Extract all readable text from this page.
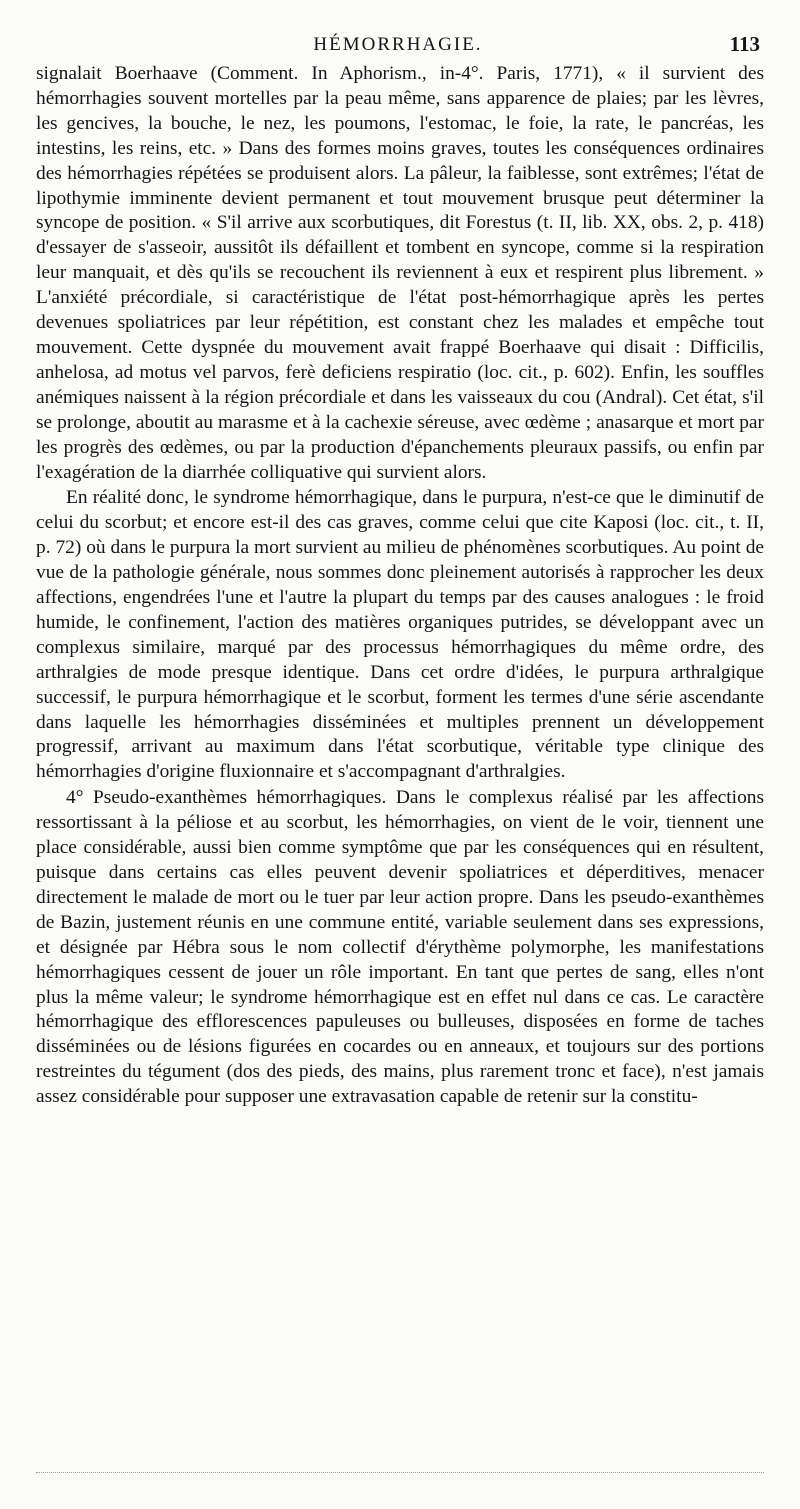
HÉMORRHAGIE.	113

signalait Boerhaave (Comment. In Aphorism., in-4°. Paris, 1771), « il survient des hémorrhagies souvent mortelles par la peau même, sans apparence de plaies; par les lèvres, les gencives, la bouche, le nez, les poumons, l'estomac, le foie, la rate, le pancréas, les intestins, les reins, etc. » Dans des formes moins graves, toutes les conséquences ordinaires des hémorrhagies répétées se produisent alors. La pâleur, la faiblesse, sont extrêmes; l'état de lipothymie imminente devient permanent et tout mouvement brusque peut déterminer la syncope de position. « S'il arrive aux scorbutiques, dit Forestus (t. II, lib. XX, obs. 2, p. 418) d'essayer de s'asseoir, aussitôt ils défaillent et tombent en syncope, comme si la respiration leur manquait, et dès qu'ils se recouchent ils reviennent à eux et respirent plus librement. » L'anxiété précordiale, si caractéristique de l'état post-hémorrhagique après les pertes devenues spoliatrices par leur répétition, est constant chez les malades et empêche tout mouvement. Cette dyspnée du mouvement avait frappé Boerhaave qui disait : Difficilis, anhelosa, ad motus vel parvos, ferè deficiens respiratio (loc. cit., p. 602). Enfin, les souffles anémiques naissent à la région précordiale et dans les vaisseaux du cou (Andral). Cet état, s'il se prolonge, aboutit au marasme et à la cachexie séreuse, avec œdème ; anasarque et mort par les progrès des œdèmes, ou par la production d'épanchements pleuraux passifs, ou enfin par l'exagération de la diarrhée colliquative qui survient alors.

En réalité donc, le syndrome hémorrhagique, dans le purpura, n'est-ce que le diminutif de celui du scorbut; et encore est-il des cas graves, comme celui que cite Kaposi (loc. cit., t. II, p. 72) où dans le purpura la mort survient au milieu de phénomènes scorbutiques. Au point de vue de la pathologie générale, nous sommes donc pleinement autorisés à rapprocher les deux affections, engendrées l'une et l'autre la plupart du temps par des causes analogues : le froid humide, le confinement, l'action des matières organiques putrides, se développant avec un complexus similaire, marqué par des processus hémorrhagiques du même ordre, des arthralgies de mode presque identique. Dans cet ordre d'idées, le purpura arthralgique successif, le purpura hémorrhagique et le scorbut, forment les termes d'une série ascendante dans laquelle les hémorrhagies disséminées et multiples prennent un développement progressif, arrivant au maximum dans l'état scorbutique, véritable type clinique des hémorrhagies d'origine fluxionnaire et s'accompagnant d'arthralgies.

4° Pseudo-exanthèmes hémorrhagiques. Dans le complexus réalisé par les affections ressortissant à la péliose et au scorbut, les hémorrhagies, on vient de le voir, tiennent une place considérable, aussi bien comme symptôme que par les conséquences qui en résultent, puisque dans certains cas elles peuvent devenir spoliatrices et déperditives, menacer directement le malade de mort ou le tuer par leur action propre. Dans les pseudo-exanthèmes de Bazin, justement réunis en une commune entité, variable seulement dans ses expressions, et désignée par Hébra sous le nom collectif d'érythème polymorphe, les manifestations hémorrhagiques cessent de jouer un rôle important. En tant que pertes de sang, elles n'ont plus la même valeur; le syndrome hémorrhagique est en effet nul dans ce cas. Le caractère hémorrhagique des efflorescences papuleuses ou bulleuses, disposées en forme de taches disséminées ou de lésions figurées en cocardes ou en anneaux, et toujours sur des portions restreintes du tégument (dos des pieds, des mains, plus rarement tronc et face), n'est jamais assez considérable pour supposer une extravasation capable de retenir sur la constitu-
